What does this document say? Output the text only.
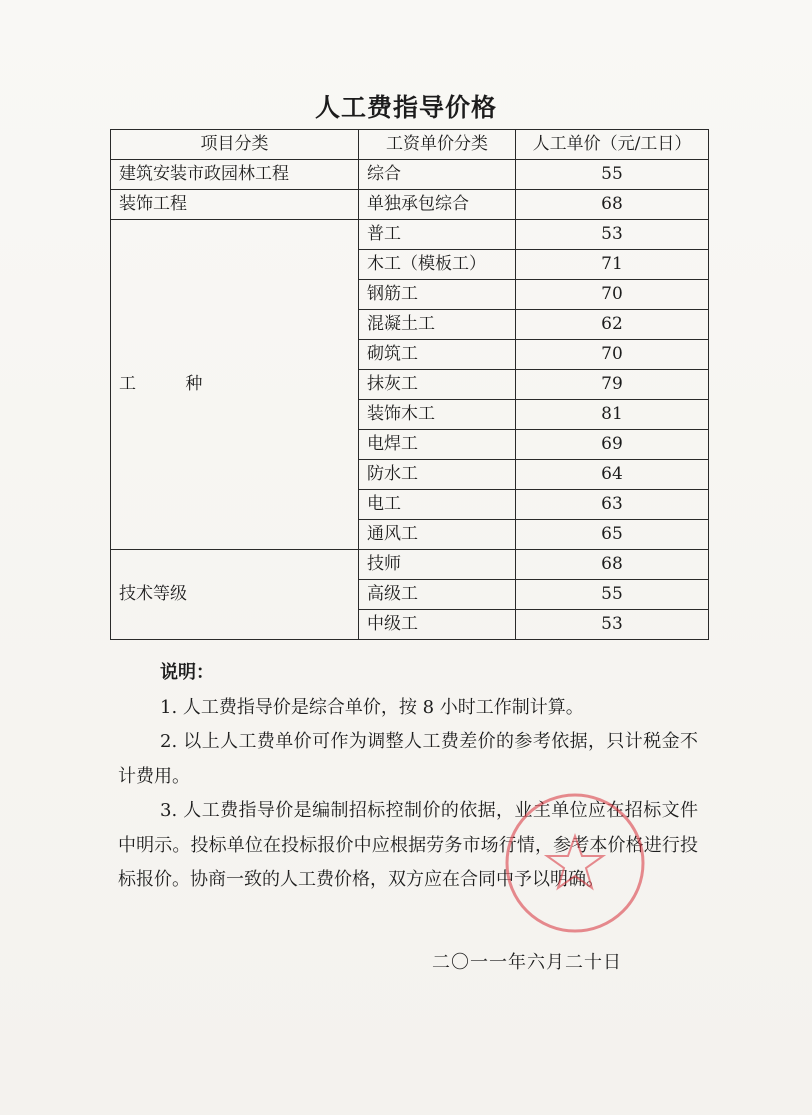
人工费指导价格
项目分类	工资单价分类	人工单价（元/工日）
建筑安装市政园林工程	综合	55
装饰工程	单独承包综合	68
工 种	普工	53
	木工（模板工）	71
	钢筋工	70
	混凝土工	62
	砌筑工	70
	抹灰工	79
	装饰木工	81
	电焊工	69
	防水工	64
	电工	63
	通风工	65
技术等级	技师	68
	高级工	55
	中级工	53
说明：

1. 人工费指导价是综合单价，按 8 小时工作制计算。

2. 以上人工费单价可作为调整人工费差价的参考依据，只计税金不计费用。

3. 人工费指导价是编制招标控制价的依据，业主单位应在招标文件中明示。投标单位在投标报价中应根据劳务市场行情，参考本价格进行投标报价。协商一致的人工费价格，双方应在合同中予以明确。

二〇一一年六月二十日
